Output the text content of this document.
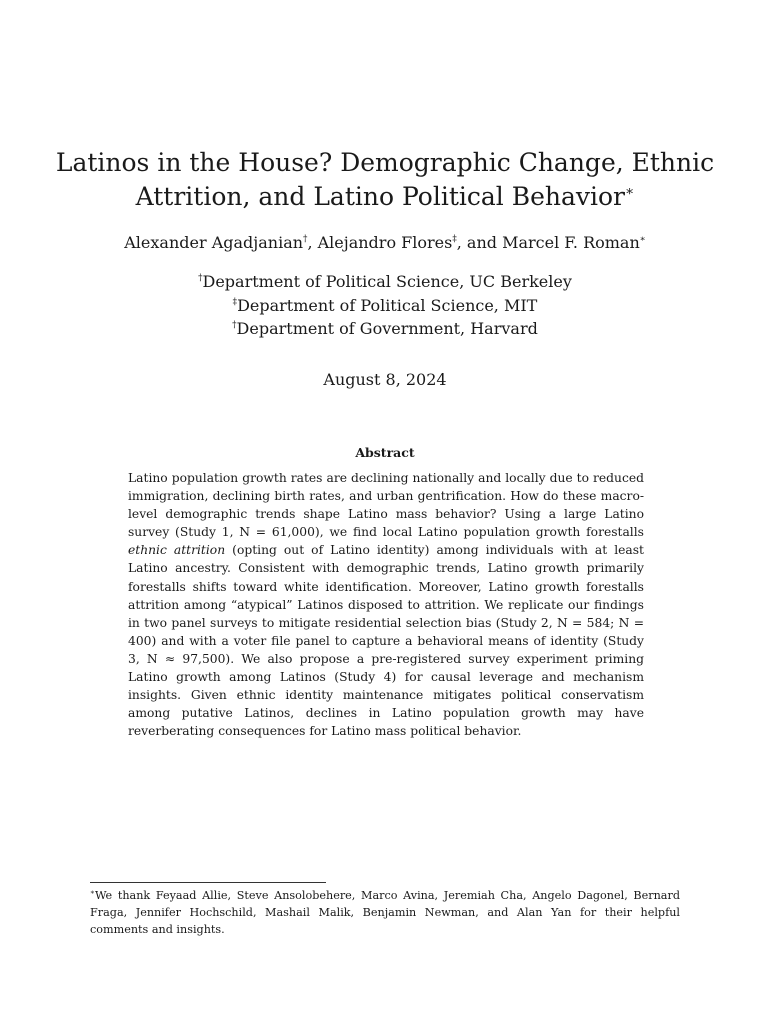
Latinos in the House? Demographic Change, Ethnic
Attrition, and Latino Political Behavior∗
Alexander Agadjanian†, Alejandro Flores‡, and Marcel F. Roman∗
†Department of Political Science, UC Berkeley
‡Department of Political Science, MIT
†Department of Government, Harvard
August 8, 2024
Abstract

Latino population growth rates are declining nationally and locally due to reduced immigration, declining birth rates, and urban gentrification. How do these macro-level demographic trends shape Latino mass behavior? Using a large Latino survey (Study 1, N = 61,000), we find local Latino population growth forestalls ethnic attrition (opting out of Latino identity) among individuals with at least Latino ancestry. Consistent with demographic trends, Latino growth primarily forestalls shifts toward white identification. Moreover, Latino growth forestalls attrition among “atypical” Latinos disposed to attrition. We replicate our findings in two panel surveys to mitigate residential selection bias (Study 2, N = 584; N = 400) and with a voter file panel to capture a behavioral means of identity (Study 3, N ≈ 97,500). We also propose a pre-registered survey experiment priming Latino growth among Latinos (Study 4) for causal leverage and mechanism insights. Given ethnic identity maintenance mitigates political conservatism among putative Latinos, declines in Latino population growth may have reverberating consequences for Latino mass political behavior.

∗We thank Feyaad Allie, Steve Ansolobehere, Marco Avina, Jeremiah Cha, Angelo Dagonel, Bernard Fraga, Jennifer Hochschild, Mashail Malik, Benjamin Newman, and Alan Yan for their helpful comments and insights.
